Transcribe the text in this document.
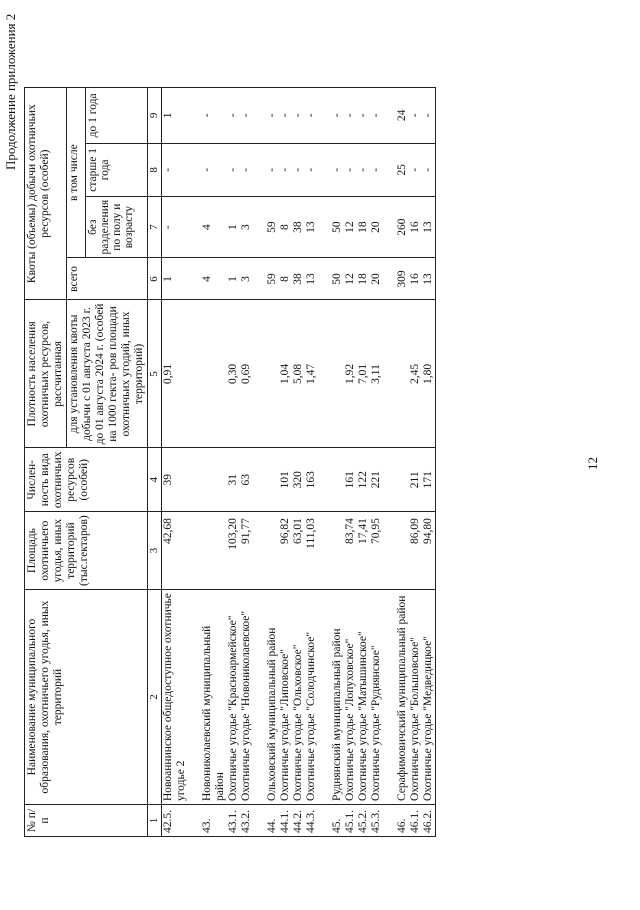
12
Продолжение приложения 2
№ п/п	Наименование муниципального образования, охотничьего угодья, иных территорий	Площадь охотничьего угодья, иных территорий (тыс.гектаров)	Числен- ность вида охотничьих ресурсов (особей)	Плотность населения охотничьих ресурсов, рассчитанная	Квоты (объемы) добычи охотничьих ресурсов (особей)			
				для установления квоты добычи с 01 августа 2023 г. до 01 августа 2024 г. (особей на 1000 гекта- ров площади охотничьих угодий, иных территорий)	всего	в том числе		
						без разделения по полу и возрасту	старше 1 года	до 1 года
1	2	3	4	5	6	7	8	9

42.5.	Новоаннинское общедоступное охотничье угодье 2	42,68	39	0,91	1	-	-	1

43.	Новониколаевский муниципальный район				4	4	-	-

43.1.	Охотничье угодье "Красноармейское"	103,20	31	0,30	1	1	-	-

43.2.	Охотничье угодье "Новониколаевское"	91,77	63	0,69	3	3	-	-

44.	Ольховский муниципальный район				59	59	-	-

44.1.	Охотничье угодье "Липовское"	96,82	101	1,04	8	8	-	-

44.2.	Охотничье угодье "Ольховское"	63,01	320	5,08	38	38	-	-

44.3.	Охотничье угодье "Солодчинское"	111,03	163	1,47	13	13	-	-

45.	Руднянский муниципальный район				50	50	-	-

45.1.	Охотничье угодье "Лопуховское"	83,74	161	1,92	12	12	-	-

45.2.	Охотничье угодье "Матышинское"	17,41	122	7,01	18	18	-	-

45.3.	Охотничье угодье "Руднянское"	70,95	221	3,11	20	20	-	-

46.	Серафимовичский муниципальный район				309	260	25	24

46.1.	Охотничье угодье "Большовское"	86,09	211	2,45	16	16	-	-

46.2.	Охотничье угодье "Медведицкое"	94,80	171	1,80	13	13	-	-
